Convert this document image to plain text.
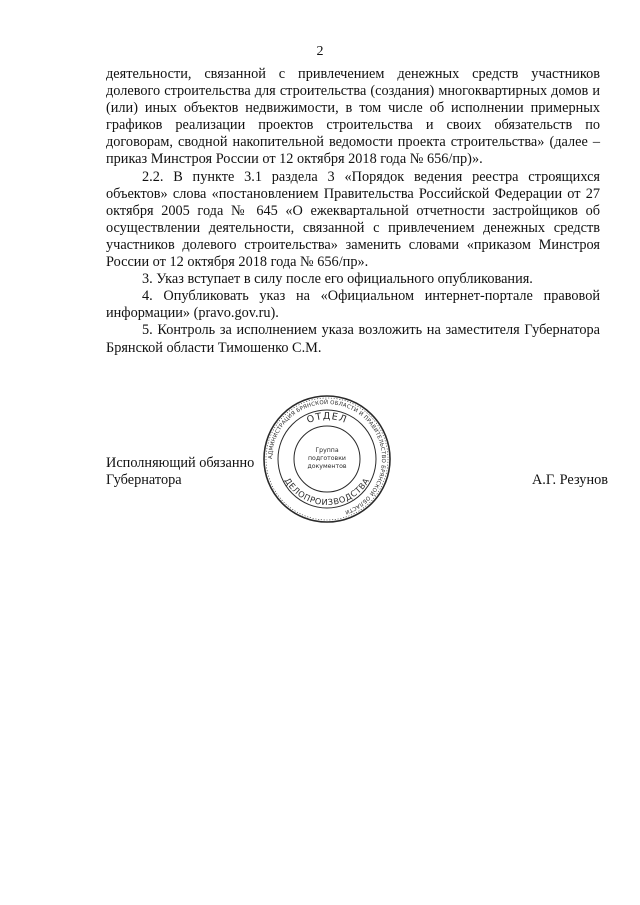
2

деятельности, связанной с привлечением денежных средств участников долевого строительства для строительства (создания) многоквартирных домов и (или) иных объектов недвижимости, в том числе об исполнении примерных графиков реализации проектов строительства и своих обязательств по договорам, сводной накопительной ведомости проекта строительства» (далее – приказ Минстроя России от 12 октября 2018 года № 656/пр)».

2.2. В пункте 3.1 раздела 3 «Порядок ведения реестра строящихся объектов» слова «постановлением Правительства Российской Федерации от 27 октября 2005 года № 645 «О ежеквартальной отчетности застройщиков об осуществлении деятельности, связанной с привлечением денежных средств участников долевого строительства» заменить словами «приказом Минстроя России от 12 октября 2018 года № 656/пр».

3. Указ вступает в силу после его официального опубликования.

4. Опубликовать указ на «Официальном интернет-портале правовой информации» (pravo.gov.ru).

5. Контроль за исполнением указа возложить на заместителя Губернатора Брянской области Тимошенко С.М.

Исполняющий обязанно
Губернатора	А.Г. Резунов
АДМИНИСТРАЦИЯ БРЯНСКОЙ ОБЛАСТИ И ПРАВИТЕЛЬСТВО БРЯНСКОЙ ОБЛАСТИ
ОТДЕЛ
ДЕЛОПРОИЗВОДСТВА
Группа
подготовки
документов
